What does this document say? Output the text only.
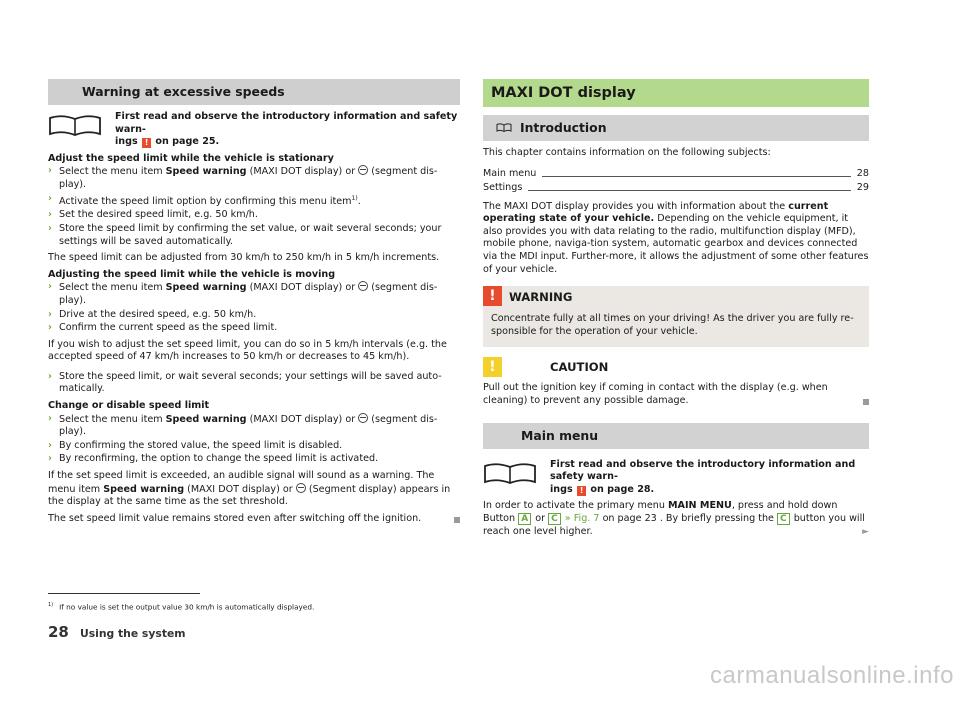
Warning at excessive speeds
First read and observe the introductory information and safety warn-
ings ! on page 25.

Adjust the speed limit while the vehicle is stationary

› Select the menu item Speed warning (MAXI DOT display) or (segment dis-play).
› Activate the speed limit option by confirming this menu item$^{1)}$.
› Set the desired speed limit, e.g. 50 km/h.
› Store the speed limit by confirming the set value, or wait several seconds; your settings will be saved automatically.

The speed limit can be adjusted from 30 km/h to 250 km/h in 5 km/h increments.

Adjusting the speed limit while the vehicle is moving

› Select the menu item Speed warning (MAXI DOT display) or (segment dis-play).
› Drive at the desired speed, e.g. 50 km/h.
› Confirm the current speed as the speed limit.

If you wish to adjust the set speed limit, you can do so in 5 km/h intervals (e.g. the accepted speed of 47 km/h increases to 50 km/h or decreases to 45 km/h).

› Store the speed limit, or wait several seconds; your settings will be saved auto-matically.

Change or disable speed limit

› Select the menu item Speed warning (MAXI DOT display) or (segment dis-play).
› By confirming the stored value, the speed limit is disabled.
› By reconfirming, the option to change the speed limit is activated.

If the set speed limit is exceeded, an audible signal will sound as a warning. The menu item Speed warning (MAXI DOT display) or (Segment display) appears in the display at the same time as the set threshold.

The set speed limit value remains stored even after switching off the ignition.

MAXI DOT display
Introduction

This chapter contains information on the following subjects:

Main menu	28
Settings	29

The MAXI DOT display provides you with information about the current operating state of your vehicle. Depending on the vehicle equipment, it also provides you with data relating to the radio, multifunction display (MFD), mobile phone, naviga-tion system, automatic gearbox and devices connected via the MDI input. Further-more, it allows the adjustment of some other features of your vehicle.

!	WARNING
Concentrate fully at all times on your driving! As the driver you are fully re-sponsible for the operation of your vehicle.
!	CAUTION

Pull out the ignition key if coming in contact with the display (e.g. when cleaning) to prevent any possible damage.

Main menu
First read and observe the introductory information and safety warn-
ings ! on page 28.

In order to activate the primary menu MAIN MENU, press and hold down Button A or C » Fig. 7 on page 23 . By briefly pressing the C button you will reach one level higher.	►

$^{1)}$ If no value is set the output value 30 km/h is automatically displayed.
28 Using the system
carmanualsonline.info
